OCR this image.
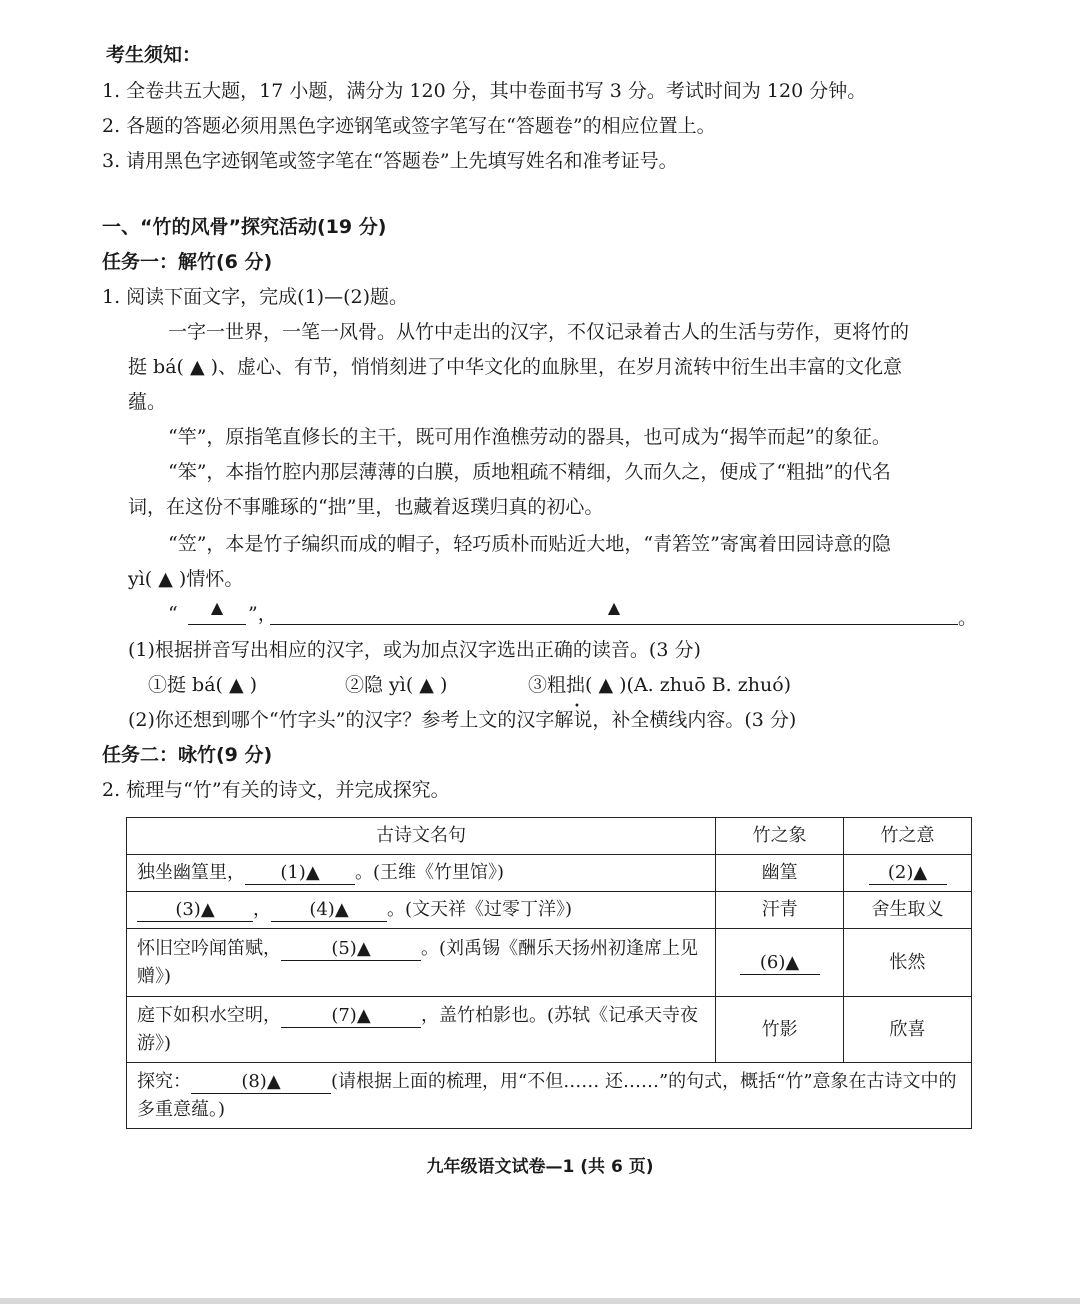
考生须知：
1. 全卷共五大题，17 小题，满分为 120 分，其中卷面书写 3 分。考试时间为 120 分钟。
2. 各题的答题必须用黑色字迹钢笔或签字笔写在“答题卷”的相应位置上。
3. 请用黑色字迹钢笔或签字笔在“答题卷”上先填写姓名和准考证号。
一、“竹的风骨”探究活动(19 分)
任务一：解竹(6 分)
1. 阅读下面文字，完成(1)—(2)题。
一字一世界，一笔一风骨。从竹中走出的汉字，不仅记录着古人的生活与劳作，更将竹的
挺 bá( ▲ )、虚心、有节，悄悄刻进了中华文化的血脉里，在岁月流转中衍生出丰富的文化意
蕴。
“竿”，原指笔直修长的主干，既可用作渔樵劳动的器具，也可成为“揭竿而起”的象征。
“笨”，本指竹腔内那层薄薄的白膜，质地粗疏不精细，久而久之，便成了“粗拙”的代名
词，在这份不事雕琢的“拙”里，也藏着返璞归真的初心。
“笠”，本是竹子编织而成的帽子，轻巧质朴而贴近大地，“青箬笠”寄寓着田园诗意的隐
yì( ▲ )情怀。
“	▲	”，	▲	。
(1)根据拼音写出相应的汉字，或为加点汉字选出正确的读音。(3 分)
①挺 bá( ▲ )	②隐 yì( ▲ )	③粗拙
•
( ▲ )(A. zhuō B. zhuó)
(2)你还想到哪个“竹字头”的汉字？参考上文的汉字解说，补全横线内容。(3 分)
任务二：咏竹(9 分)
2. 梳理与“竹”有关的诗文，并完成探究。
古诗文名句	竹之象	竹之意
独坐幽篁里， (1)▲ 。(王维《竹里馆》)	幽篁	(2)▲
(3)▲ ， (4)▲ 。(文天祥《过零丁洋》)	汗青	舍生取义
怀旧空吟闻笛赋， (5)▲ 。(刘禹锡《酬乐天扬州初逢席上见赠》)	(6)▲	怅然
庭下如积水空明， (7)▲ ，盖竹柏影也。(苏轼《记承天寺夜游》)	竹影	欣喜
探究： (8)▲ (请根据上面的梳理，用“不但…… 还……”的句式，概括“竹”意象在古诗文中的多重意蕴。)		
九年级语文试卷—1 (共 6 页)
